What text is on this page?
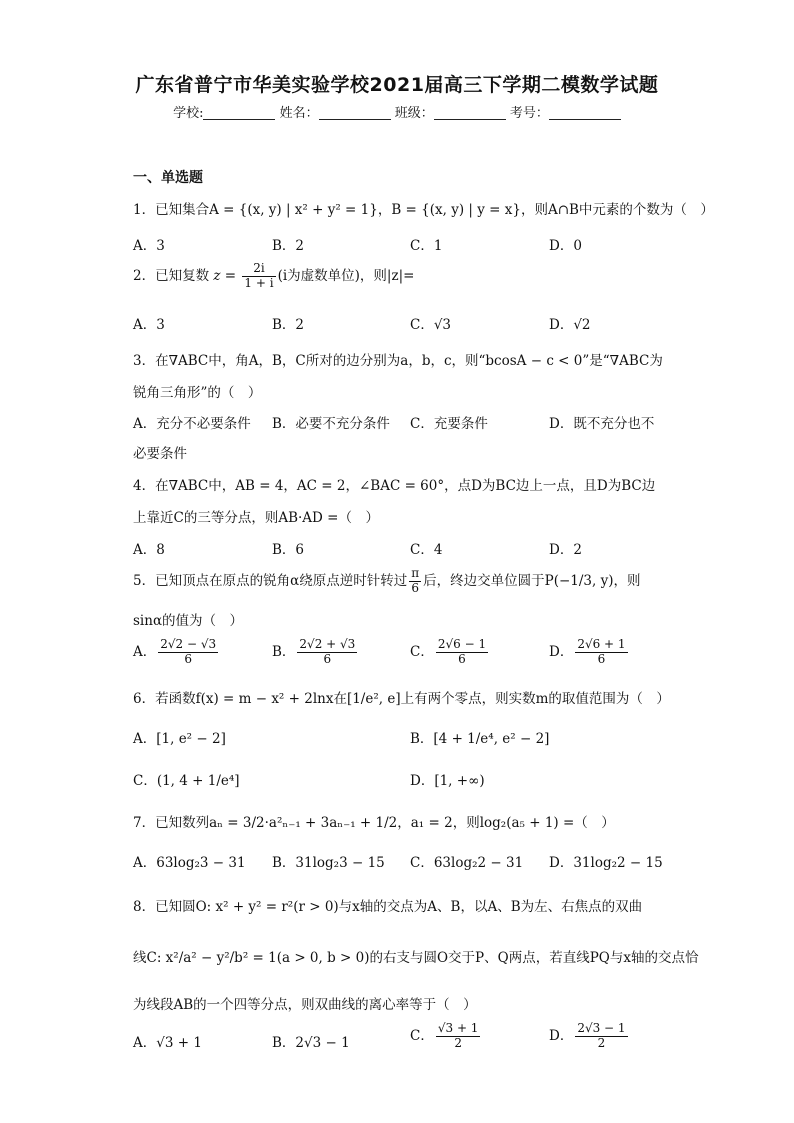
广东省普宁市华美实验学校2021届高三下学期二模数学试题
学校:	姓名：	班级：	考号：
一、单选题
1．已知集合A = {(x, y) | x² + y² = 1}，B = {(x, y) | y = x}，则A∩B中元素的个数为（　）
A．3	B．2	C．1	D．0
2．已知复数 $z = \frac{2i}{1 + i} (i$为虚数单位)，则|z|=
A．3	B．2	C．√3	D．√2
3．在∇ABC中，角A，B，C所对的边分别为a，b，c，则“bcosA − c < 0”是“∇ABC为
锐角三角形”的（　）
A．充分不必要条件 B．必要不充分条件 C．充要条件	D．既不充分也不
必要条件
4．在∇ABC中，AB = 4，AC = 2，∠BAC = 60°，点D为BC边上一点，且D为BC边
上靠近C的三等分点，则AB·AD =（　）
A．8	B．6	C．4	D．2
5．已知顶点在原点的锐角α绕原点逆时针转过 $\frac{\pi}{6}$ 后，终边交单位圆于P(−1/3, y)，则
sinα的值为（　）
A． $\frac{2√2 - √3}{6}$	B． $\frac{2√2 + √3}{6}$	C． $\frac{2√6 - 1}{6}$	D． $\frac{2√6 + 1}{6}$
6．若函数f(x) = m − x² + 2lnx在[1/e², e]上有两个零点，则实数m的取值范围为（　）
A．[1, e² − 2]	B．[4 + 1/e⁴, e² − 2]
C．(1, 4 + 1/e⁴]	D．[1, +∞)
7．已知数列aₙ = 3/2·a²ₙ₋₁ + 3aₙ₋₁ + 1/2，a₁ = 2，则log₂(a₅ + 1) =（　）
A．63log₂3 − 31 B．31log₂3 − 15 C．63log₂2 − 31 D．31log₂2 − 15
8．已知圆O: x² + y² = r²(r > 0)与x轴的交点为A、B，以A、B为左、右焦点的双曲
线C: x²/a² − y²/b² = 1(a > 0, b > 0)的右支与圆O交于P、Q两点，若直线PQ与x轴的交点恰
为线段AB的一个四等分点，则双曲线的离心率等于（　）
A．√3 + 1	B．2√3 − 1	C． $\frac{√3 + 1}{2}$	D． $\frac{2√3 - 1}{2}$
